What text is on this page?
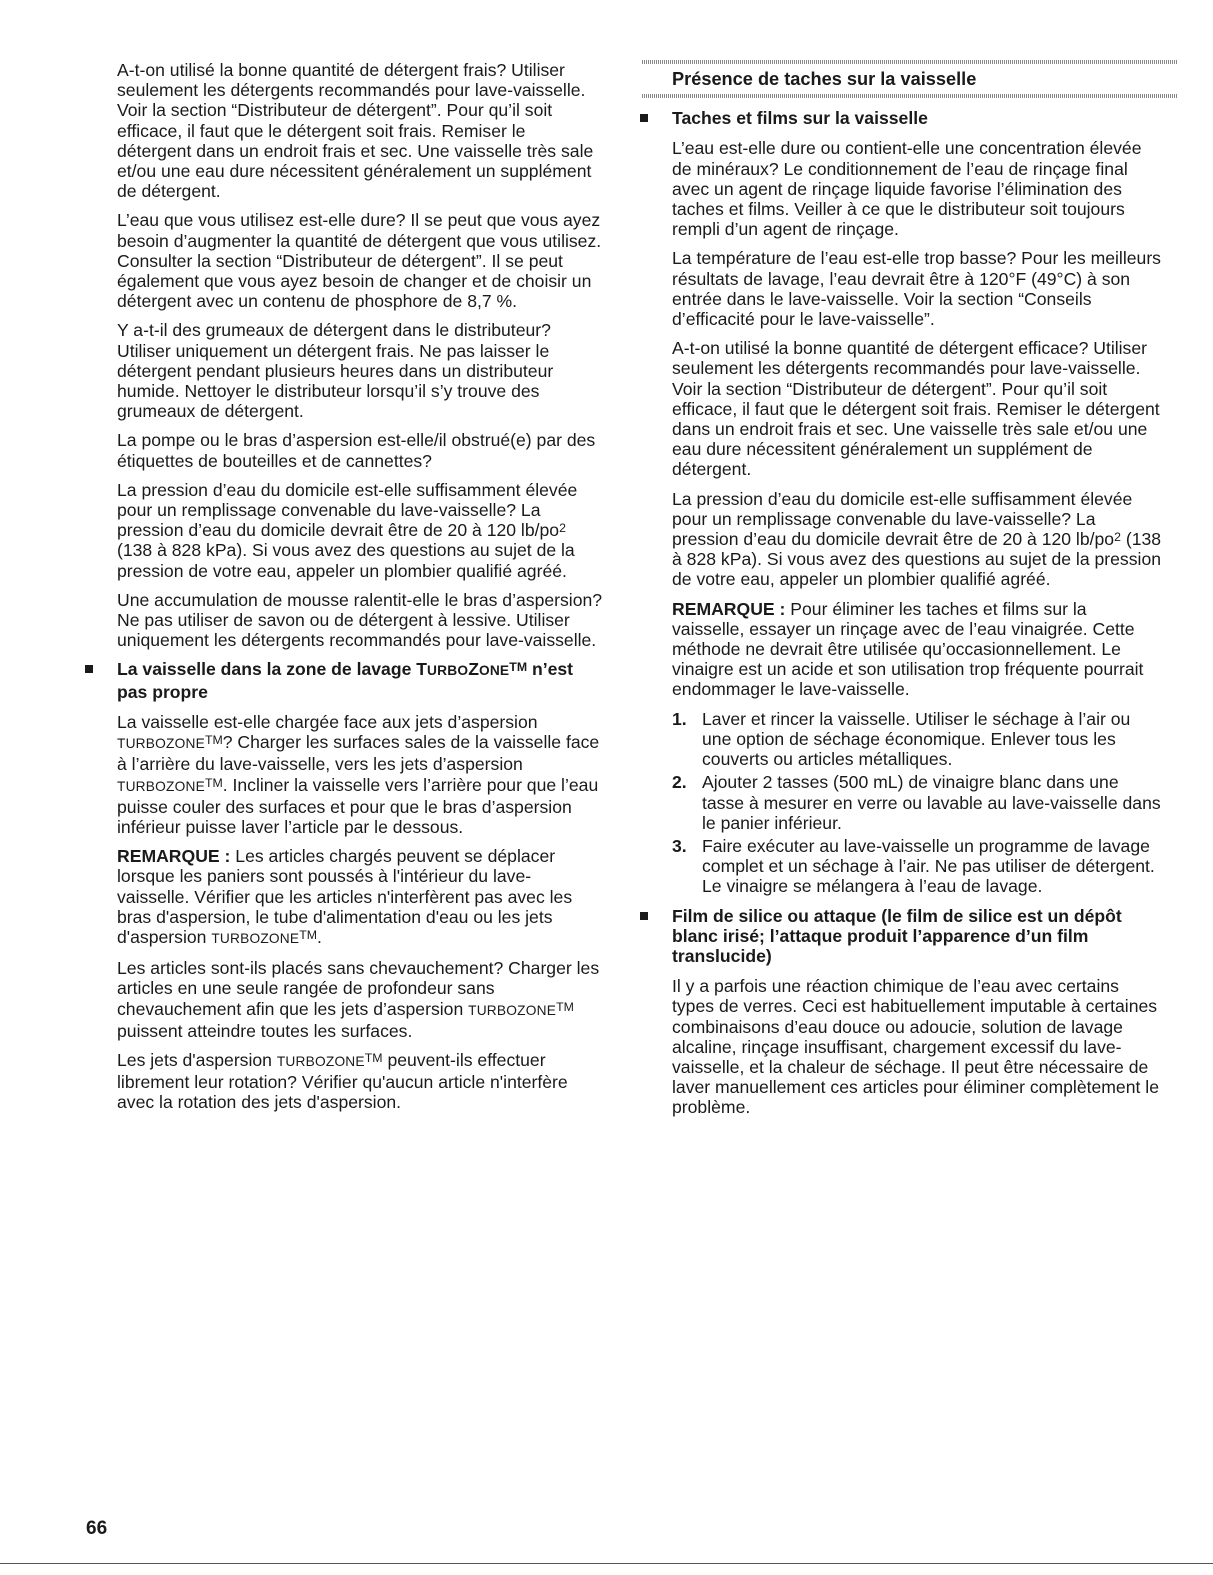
A-t-on utilisé la bonne quantité de détergent frais? Utiliser seulement les détergents recommandés pour lave-vaisselle. Voir la section “Distributeur de détergent”. Pour qu’il soit efficace, il faut que le détergent soit frais. Remiser le détergent dans un endroit frais et sec. Une vaisselle très sale et/ou une eau dure nécessitent généralement un supplément de détergent.

L’eau que vous utilisez est-elle dure? Il se peut que vous ayez besoin d’augmenter la quantité de détergent que vous utilisez. Consulter la section “Distributeur de détergent”. Il se peut également que vous ayez besoin de changer et de choisir un détergent avec un contenu de phosphore de 8,7 %.

Y a-t-il des grumeaux de détergent dans le distributeur? Utiliser uniquement un détergent frais. Ne pas laisser le détergent pendant plusieurs heures dans un distributeur humide. Nettoyer le distributeur lorsqu’il s’y trouve des grumeaux de détergent.

La pompe ou le bras d’aspersion est-elle/il obstrué(e) par des étiquettes de bouteilles et de cannettes?

La pression d’eau du domicile est-elle suffisamment élevée pour un remplissage convenable du lave-vaisselle? La pression d’eau du domicile devrait être de 20 à 120 $lb/po^2$ (138 à 828 kPa). Si vous avez des questions au sujet de la pression de votre eau, appeler un plombier qualifié agréé.

Une accumulation de mousse ralentit-elle le bras d’aspersion? Ne pas utiliser de savon ou de détergent à lessive. Utiliser uniquement les détergents recommandés pour lave-vaisselle.

La vaisselle dans la zone de lavage TURBOZONE™ n’est pas propre

La vaisselle est-elle chargée face aux jets d’aspersion TURBOZONE™? Charger les surfaces sales de la vaisselle face à l’arrière du lave-vaisselle, vers les jets d’aspersion TURBOZONE™. Incliner la vaisselle vers l’arrière pour que l’eau puisse couler des surfaces et pour que le bras d’aspersion inférieur puisse laver l’article par le dessous.

REMARQUE : Les articles chargés peuvent se déplacer lorsque les paniers sont poussés à l'intérieur du lave-vaisselle. Vérifier que les articles n'interfèrent pas avec les bras d'aspersion, le tube d'alimentation d'eau ou les jets d'aspersion TURBOZONE™.

Les articles sont-ils placés sans chevauchement? Charger les articles en une seule rangée de profondeur sans chevauchement afin que les jets d’aspersion TURBOZONE™ puissent atteindre toutes les surfaces.

Les jets d'aspersion TURBOZONE™ peuvent-ils effectuer librement leur rotation? Vérifier qu'aucun article n'interfère avec la rotation des jets d'aspersion.

Présence de taches sur la vaisselle
Taches et films sur la vaisselle

L’eau est-elle dure ou contient-elle une concentration élevée de minéraux? Le conditionnement de l’eau de rinçage final avec un agent de rinçage liquide favorise l’élimination des taches et films. Veiller à ce que le distributeur soit toujours rempli d’un agent de rinçage.

La température de l’eau est-elle trop basse? Pour les meilleurs résultats de lavage, l’eau devrait être à 120°F (49°C) à son entrée dans le lave-vaisselle. Voir la section “Conseils d’efficacité pour le lave-vaisselle”.

A-t-on utilisé la bonne quantité de détergent efficace? Utiliser seulement les détergents recommandés pour lave-vaisselle. Voir la section “Distributeur de détergent”. Pour qu’il soit efficace, il faut que le détergent soit frais. Remiser le détergent dans un endroit frais et sec. Une vaisselle très sale et/ou une eau dure nécessitent généralement un supplément de détergent.

La pression d’eau du domicile est-elle suffisamment élevée pour un remplissage convenable du lave-vaisselle? La pression d’eau du domicile devrait être de 20 à 120 $lb/po^2$ (138 à 828 kPa). Si vous avez des questions au sujet de la pression de votre eau, appeler un plombier qualifié agréé.

REMARQUE : Pour éliminer les taches et films sur la vaisselle, essayer un rinçage avec de l’eau vinaigrée. Cette méthode ne devrait être utilisée qu’occasionnellement. Le vinaigre est un acide et son utilisation trop fréquente pourrait endommager le lave-vaisselle.

1. Laver et rincer la vaisselle. Utiliser le séchage à l’air ou une option de séchage économique. Enlever tous les couverts ou articles métalliques.
2. Ajouter 2 tasses (500 mL) de vinaigre blanc dans une tasse à mesurer en verre ou lavable au lave-vaisselle dans le panier inférieur.
3. Faire exécuter au lave-vaisselle un programme de lavage complet et un séchage à l’air. Ne pas utiliser de détergent. Le vinaigre se mélangera à l’eau de lavage.
Film de silice ou attaque (le film de silice est un dépôt blanc irisé; l’attaque produit l’apparence d’un film translucide)

Il y a parfois une réaction chimique de l’eau avec certains types de verres. Ceci est habituellement imputable à certaines combinaisons d’eau douce ou adoucie, solution de lavage alcaline, rinçage insuffisant, chargement excessif du lave-vaisselle, et la chaleur de séchage. Il peut être nécessaire de laver manuellement ces articles pour éliminer complètement le problème.

66
